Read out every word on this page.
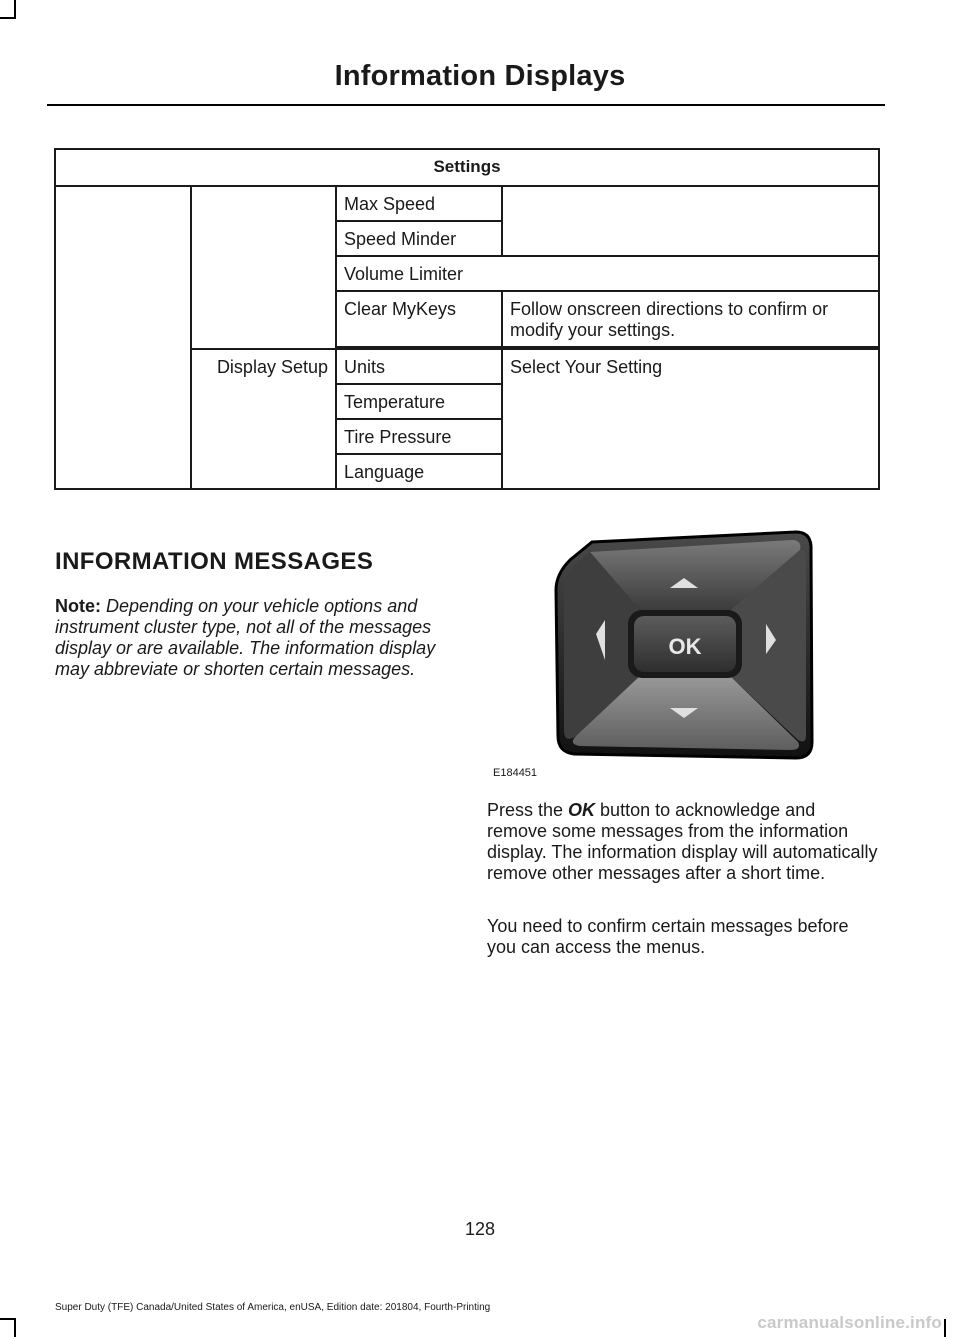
Information Displays
Settings			
		Max Speed	
		Speed Minder	
		Volume Limiter	
		Clear MyKeys	Follow onscreen directions to confirm or modify your settings.

	Display Setup	Units	Select Your Setting
		Temperature	
		Tire Pressure	
		Language	
INFORMATION MESSAGES
Note: Depending on your vehicle options and instrument cluster type, not all of the messages display or are available. The information display may abbreviate or shorten certain messages.
OK
E184451

Press the OK button to acknowledge and remove some messages from the information display. The information display will automatically remove other messages after a short time.

You need to confirm certain messages before you can access the menus.

128
Super Duty (TFE) Canada/United States of America, enUSA, Edition date: 201804, Fourth-Printing
carmanualsonline.info
